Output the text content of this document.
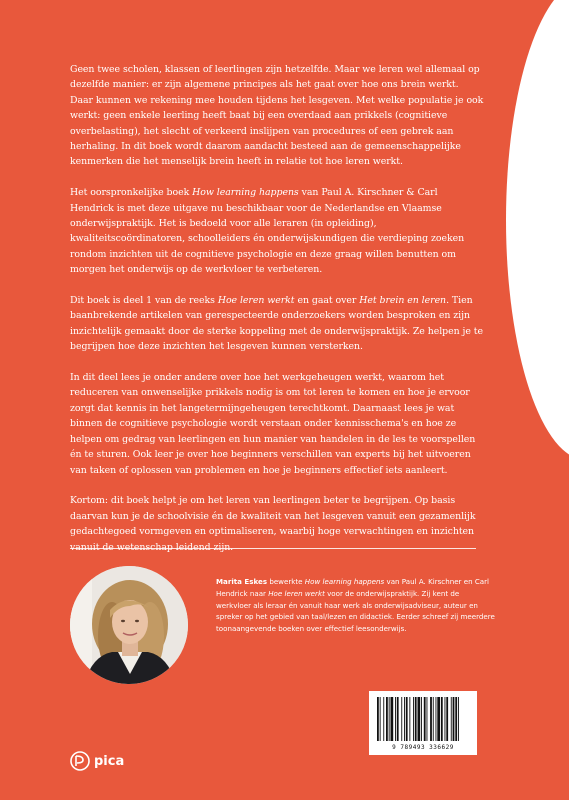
Geen twee scholen, klassen of leerlingen zijn hetzelfde. Maar we leren wel allemaal op dezelfde manier: er zijn algemene principes als het gaat over hoe ons brein werkt. Daar kunnen we rekening mee houden tijdens het lesgeven. Met welke populatie je ook werkt: geen enkele leerling heeft baat bij een overdaad aan prikkels (cognitieve overbelasting), het slecht of verkeerd inslijpen van procedures of een gebrek aan herhaling. In dit boek wordt daarom aandacht besteed aan de gemeenschappelijke kenmerken die het menselijk brein heeft in relatie tot hoe leren werkt.

Het oorspronkelijke boek How learning happens van Paul A. Kirschner & Carl Hendrick is met deze uitgave nu beschikbaar voor de Nederlandse en Vlaamse onderwijspraktijk. Het is bedoeld voor alle leraren (in opleiding), kwaliteitscoördinatoren, schoolleiders én onderwijskundigen die verdieping zoeken rondom inzichten uit de cognitieve psychologie en deze graag willen benutten om morgen het onderwijs op de werkvloer te verbeteren.

Dit boek is deel 1 van de reeks Hoe leren werkt en gaat over Het brein en leren. Tien baanbrekende artikelen van gerespecteerde onderzoekers worden besproken en zijn inzichtelijk gemaakt door de sterke koppeling met de onderwijspraktijk. Ze helpen je te begrijpen hoe deze inzichten het lesgeven kunnen versterken.

In dit deel lees je onder andere over hoe het werkgeheugen werkt, waarom het reduceren van onwenselijke prikkels nodig is om tot leren te komen en hoe je ervoor zorgt dat kennis in het langetermijngeheugen terechtkomt. Daarnaast lees je wat binnen de cognitieve psychologie wordt verstaan onder kennisschema's en hoe ze helpen om gedrag van leerlingen en hun manier van handelen in de les te voorspellen én te sturen. Ook leer je over hoe beginners verschillen van experts bij het uitvoeren van taken of oplossen van problemen en hoe je beginners effectief iets aanleert.

Kortom: dit boek helpt je om het leren van leerlingen beter te begrijpen. Op basis daarvan kun je de schoolvisie én de kwaliteit van het lesgeven vanuit een gezamenlijk gedachtegoed vormgeven en optimaliseren, waarbij hoge verwachtingen en inzichten vanuit de wetenschap leidend zijn.

Marita Eskes bewerkte How learning happens van Paul A. Kirschner en Carl Hendrick naar Hoe leren werkt voor de onderwijspraktijk. Zij kent de werkvloer als leraar én vanuit haar werk als onderwijsadviseur, auteur en spreker op het gebied van taal/lezen en didactiek. Eerder schreef zij meerdere toonaangevende boeken over effectief leesonderwijs.
9 789493 336629
pica
